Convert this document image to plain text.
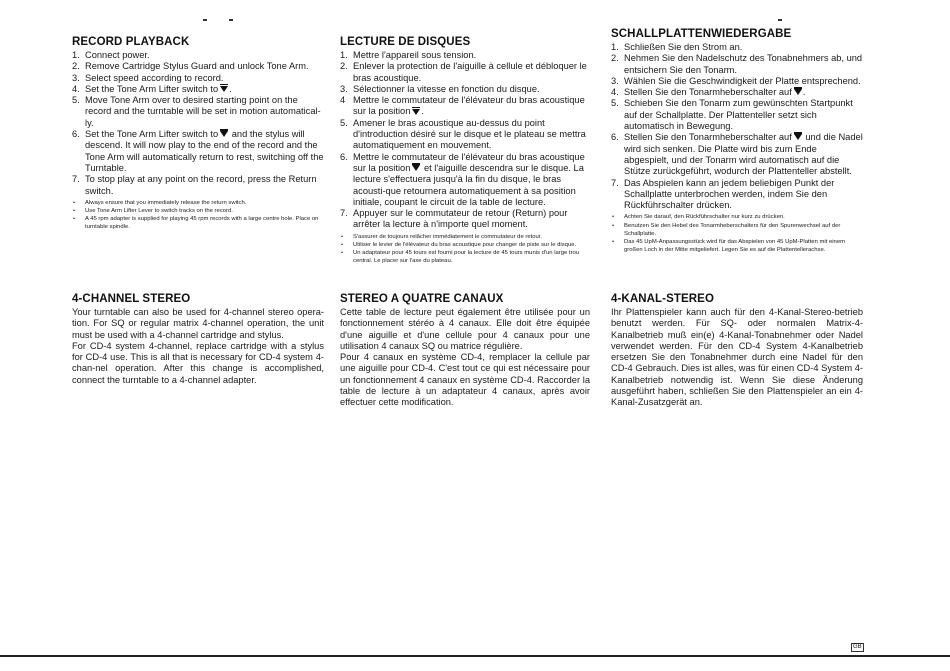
RECORD PLAYBACK
1. Connect power.
2. Remove Cartridge Stylus Guard and unlock Tone Arm.
3. Select speed according to record.
4. Set the Tone Arm Lifter switch to .
5. Move Tone Arm over to desired starting point on the record and the turntable will be set in motion automatical-ly.
6. Set the Tone Arm Lifter switch to and the stylus will descend. It will now play to the end of the record and the Tone Arm will automatically return to rest, switching off the Turntable.
7. To stop play at any point on the record, press the Return switch.
• Always ensure that you immediately release the return switch.
• Use Tone Arm Lifter Lever to switch tracks on the record.
• A 45 rpm adapter is supplied for playing 45 rpm records with a large centre hole. Place on turntable spindle.
LECTURE DE DISQUES
1. Mettre l'appareil sous tension.
2. Enlever la protection de l'aiguille à cellule et débloquer le bras acoustique.
3. Sélectionner la vitesse en fonction du disque.
4 Mettre le commutateur de l'élévateur du bras acoustique sur la position .
5. Amener le bras acoustique au-dessus du point d'introduction désiré sur le disque et le plateau se mettra automatiquement en mouvement.
6. Mettre le commutateur de l'élévateur du bras acoustique sur la position et l'aiguille descendra sur le disque. La lecture s'effectuera jusqu'à la fin du disque, le bras acousti-que retournera automatiquement à sa position initiale, coupant le circuit de la table de lecture.
7. Appuyer sur le commutateur de retour (Return) pour arrêter la lecture à n'importe quel moment.
• S'assurer de toujours relâcher immédiatement le commutateur de retour.
• Utiliser le levier de l'élévateur du bras acoustique pour changer de piste sur le disque.
• Un adaptateur pour 45 tours est fourni pour la lecture de 45 tours munis d'un large trou central. Le placer sur l'axe du plateau.
SCHALLPLATTENWIEDERGABE
1. Schließen Sie den Strom an.
2. Nehmen Sie den Nadelschutz des Tonabnehmers ab, und entsichern Sie den Tonarm.
3. Wählen Sie die Geschwindigkeit der Platte entsprechend.
4. Stellen Sie den Tonarmheberschalter auf .
5. Schieben Sie den Tonarm zum gewünschten Startpunkt auf der Schallplatte. Der Plattenteller setzt sich automatisch in Bewegung.
6. Stellen Sie den Tonarmheberschalter auf und die Nadel wird sich senken. Die Platte wird bis zum Ende abgespielt, und der Tonarm wird automatisch auf die Stütze zurückgeführt, wodurch der Plattenteller abstellt.
7. Das Abspielen kann an jedem beliebigen Punkt der Schallplatte unterbrochen werden, indem Sie den Rückführschalter drücken.
• Achten Sie darauf, den Rückführschalter nur kurz zu drücken.
• Benutzen Sie den Hebel des Tonarmheberschalters für den Spurenwechsel auf der Schallplatte.
• Das 45 UpM-Anpassungsstück wird für das Abspielen von 45 UpM-Platten mit einem großen Loch in der Mitte mitgeliefert. Legen Sie es auf die Plattentellerachse.
4-CHANNEL STEREO

Your turntable can also be used for 4-channel stereo opera-tion. For SQ or regular matrix 4-channel operation, the unit must be used with a 4-channel cartridge and stylus.

For CD-4 system 4-channel, replace cartridge with a stylus for CD-4 use. This is all that is necessary for CD-4 system 4-chan-nel operation. After this change is accomplished, connect the turntable to a 4-channel adapter.

STEREO A QUATRE CANAUX

Cette table de lecture peut également être utilisée pour un fonctionnement stéréo à 4 canaux. Elle doit être équipée d'une aiguille et d'une cellule pour 4 canaux pour une utilisation 4 canaux SQ ou matrice régulière.

Pour 4 canaux en système CD-4, remplacer la cellule par une aiguille pour CD-4. C'est tout ce qui est nécessaire pour un fonctionnement 4 canaux en système CD-4. Raccorder la table de lecture à un adaptateur 4 canaux, après avoir effectuer cette modification.

4-KANAL-STEREO

Ihr Plattenspieler kann auch für den 4-Kanal-Stereo-betrieb benutzt werden. Für SQ- oder normalen Matrix-4-Kanalbetrieb muß ein(e) 4-Kanal-Tonabnehmer oder Nadel verwendet werden. Für den CD-4 System 4-Kanalbetrieb ersetzen Sie den Tonabnehmer durch eine Nadel für den CD-4 Gebrauch. Dies ist alles, was für einen CD-4 System 4-Kanalbetrieb notwendig ist. Wenn Sie diese Änderung ausgeführt haben, schließen Sie den Plattenspieler an ein 4-Kanal-Zusatzgerät an.

GB
